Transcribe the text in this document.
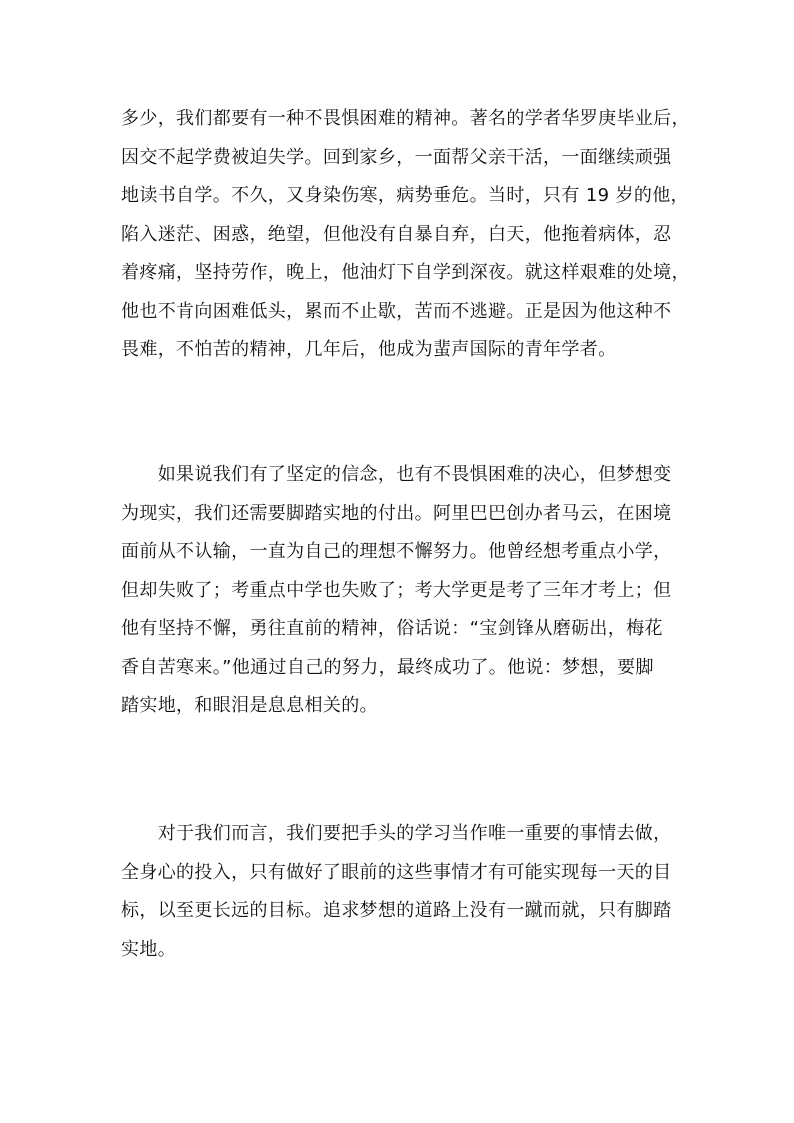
多少，我们都要有一种不畏惧困难的精神。著名的学者华罗庚毕业后，
因交不起学费被迫失学。回到家乡，一面帮父亲干活，一面继续顽强
地读书自学。不久，又身染伤寒，病势垂危。当时，只有 19 岁的他，
陷入迷茫、困惑，绝望，但他没有自暴自弃，白天，他拖着病体，忍
着疼痛，坚持劳作，晚上，他油灯下自学到深夜。就这样艰难的处境，
他也不肯向困难低头，累而不止歇，苦而不逃避。正是因为他这种不
畏难，不怕苦的精神，几年后，他成为蜚声国际的青年学者。
　　如果说我们有了坚定的信念，也有不畏惧困难的决心，但梦想变
为现实，我们还需要脚踏实地的付出。阿里巴巴创办者马云，在困境
面前从不认输，一直为自己的理想不懈努力。他曾经想考重点小学，
但却失败了；考重点中学也失败了；考大学更是考了三年才考上；但
他有坚持不懈，勇往直前的精神，俗话说：“宝剑锋从磨砺出，梅花
香自苦寒来。”他通过自己的努力，最终成功了。他说：梦想，要脚
踏实地，和眼泪是息息相关的。
　　对于我们而言，我们要把手头的学习当作唯一重要的事情去做，
全身心的投入，只有做好了眼前的这些事情才有可能实现每一天的目
标，以至更长远的目标。追求梦想的道路上没有一蹴而就，只有脚踏
实地。
